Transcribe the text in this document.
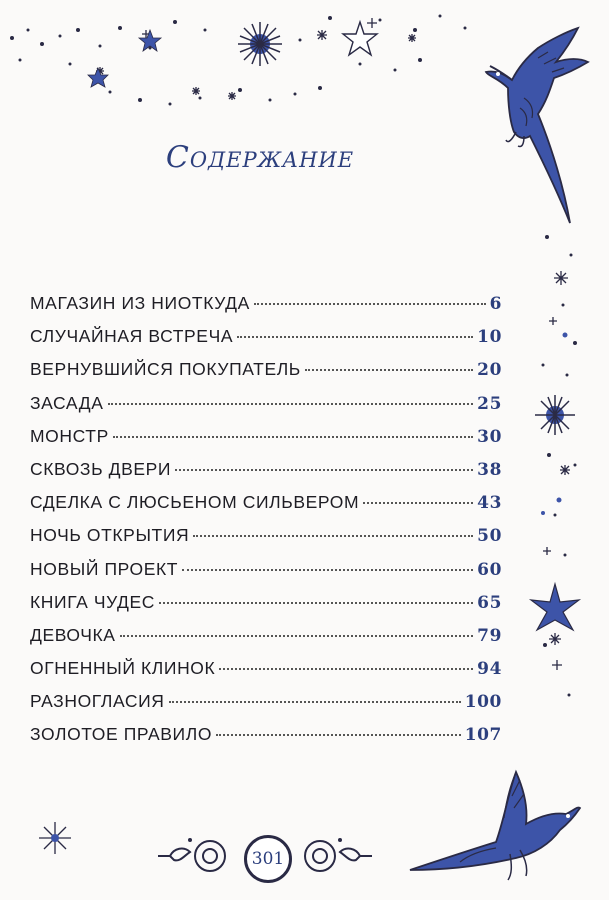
Содержание
МАГАЗИН ИЗ НИОТКУДА	6
СЛУЧАЙНАЯ ВСТРЕЧА	10
ВЕРНУВШИЙСЯ ПОКУПАТЕЛЬ	20
ЗАСАДА	25
МОНСТР	30
СКВОЗЬ ДВЕРИ	38
СДЕЛКА С ЛЮСЬЕНОМ СИЛЬВЕРОМ	43
НОЧЬ ОТКРЫТИЯ	50
НОВЫЙ ПРОЕКТ	60
КНИГА ЧУДЕС	65
ДЕВОЧКА	79
ОГНЕННЫЙ КЛИНОК	94
РАЗНОГЛАСИЯ	100
ЗОЛОТОЕ ПРАВИЛО	107
301
